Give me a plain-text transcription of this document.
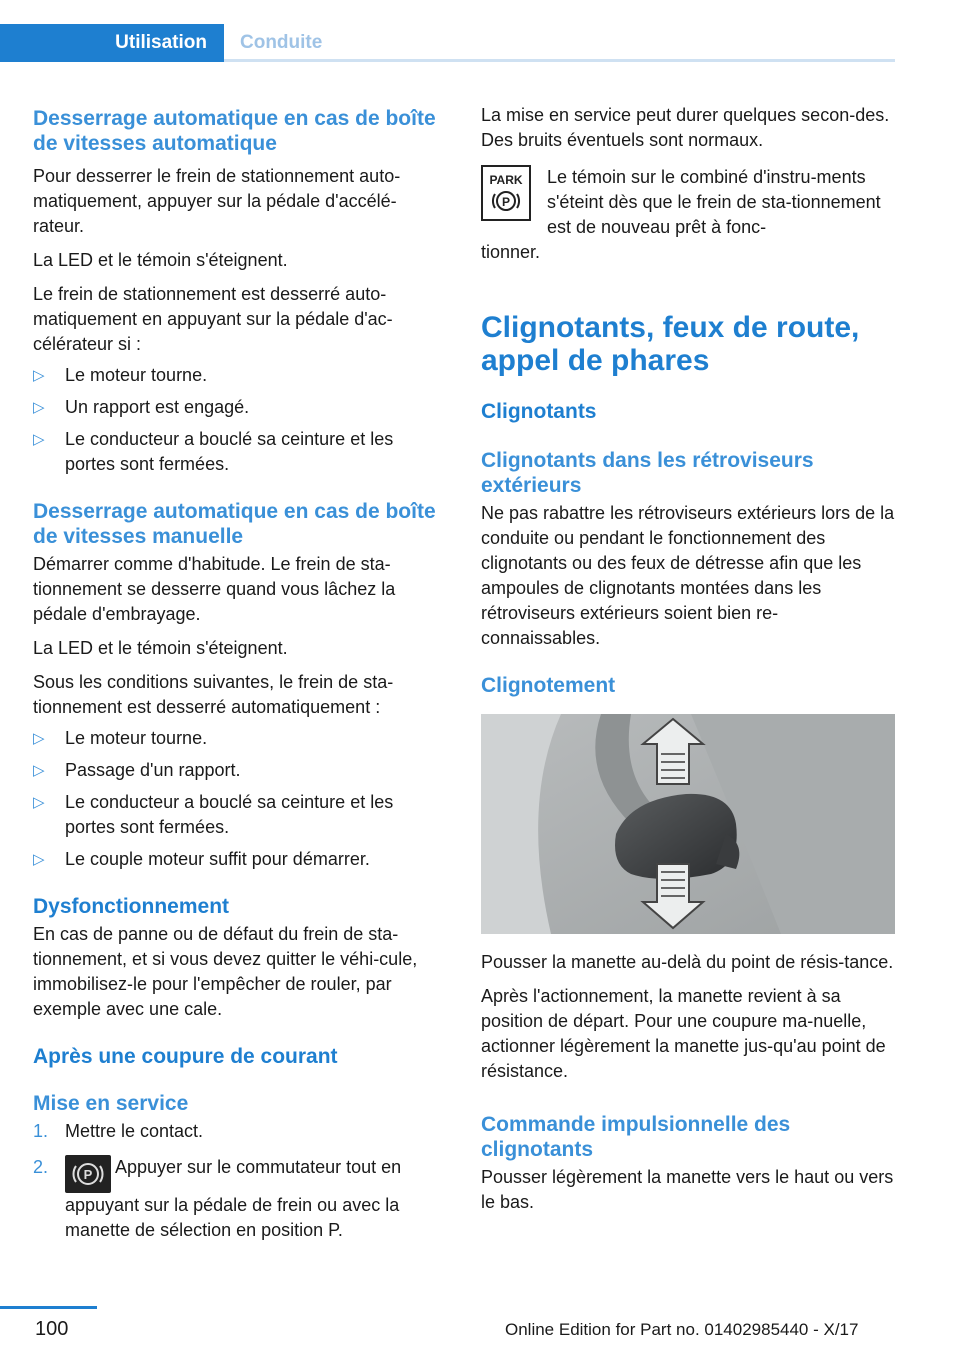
Utilisation	Conduite
Desserrage automatique en cas de boîte de vitesses automatique

Pour desserrer le frein de stationnement auto-matiquement, appuyer sur la pédale d'accélé-rateur.

La LED et le témoin s'éteignent.

Le frein de stationnement est desserré auto-matiquement en appuyant sur la pédale d'ac-célérateur si :

▷ Le moteur tourne.
▷ Un rapport est engagé.
▷ Le conducteur a bouclé sa ceinture et les portes sont fermées.
Desserrage automatique en cas de boîte de vitesses manuelle

Démarrer comme d'habitude. Le frein de sta-tionnement se desserre quand vous lâchez la pédale d'embrayage.

La LED et le témoin s'éteignent.

Sous les conditions suivantes, le frein de sta-tionnement est desserré automatiquement :

▷ Le moteur tourne.
▷ Passage d'un rapport.
▷ Le conducteur a bouclé sa ceinture et les portes sont fermées.
▷ Le couple moteur suffit pour démarrer.
Dysfonctionnement

En cas de panne ou de défaut du frein de sta-tionnement, et si vous devez quitter le véhi-cule, immobilisez-le pour l'empêcher de rouler, par exemple avec une cale.

Après une coupure de courant
Mise en service
1. Mettre le contact.
2.	P Appuyer sur le commutateur tout en appuyant sur la pédale de frein ou avec la manette de sélection en position P.

La mise en service peut durer quelques secon-des. Des bruits éventuels sont normaux.

PARK
P

Le témoin sur le combiné d'instru-ments s'éteint dès que le frein de sta-tionnement est de nouveau prêt à fonc-

tionner.

Clignotants, feux de route, appel de phares
Clignotants
Clignotants dans les rétroviseurs extérieurs

Ne pas rabattre les rétroviseurs extérieurs lors de la conduite ou pendant le fonctionnement des clignotants ou des feux de détresse afin que les ampoules de clignotants montées dans les rétroviseurs extérieurs soient bien re-connaissables.

Clignotement

Pousser la manette au-delà du point de résis-tance.

Après l'actionnement, la manette revient à sa position de départ. Pour une coupure ma-nuelle, actionner légèrement la manette jus-qu'au point de résistance.

Commande impulsionnelle des clignotants

Pousser légèrement la manette vers le haut ou vers le bas.

100	Online Edition for Part no. 01402985440 - X/17
